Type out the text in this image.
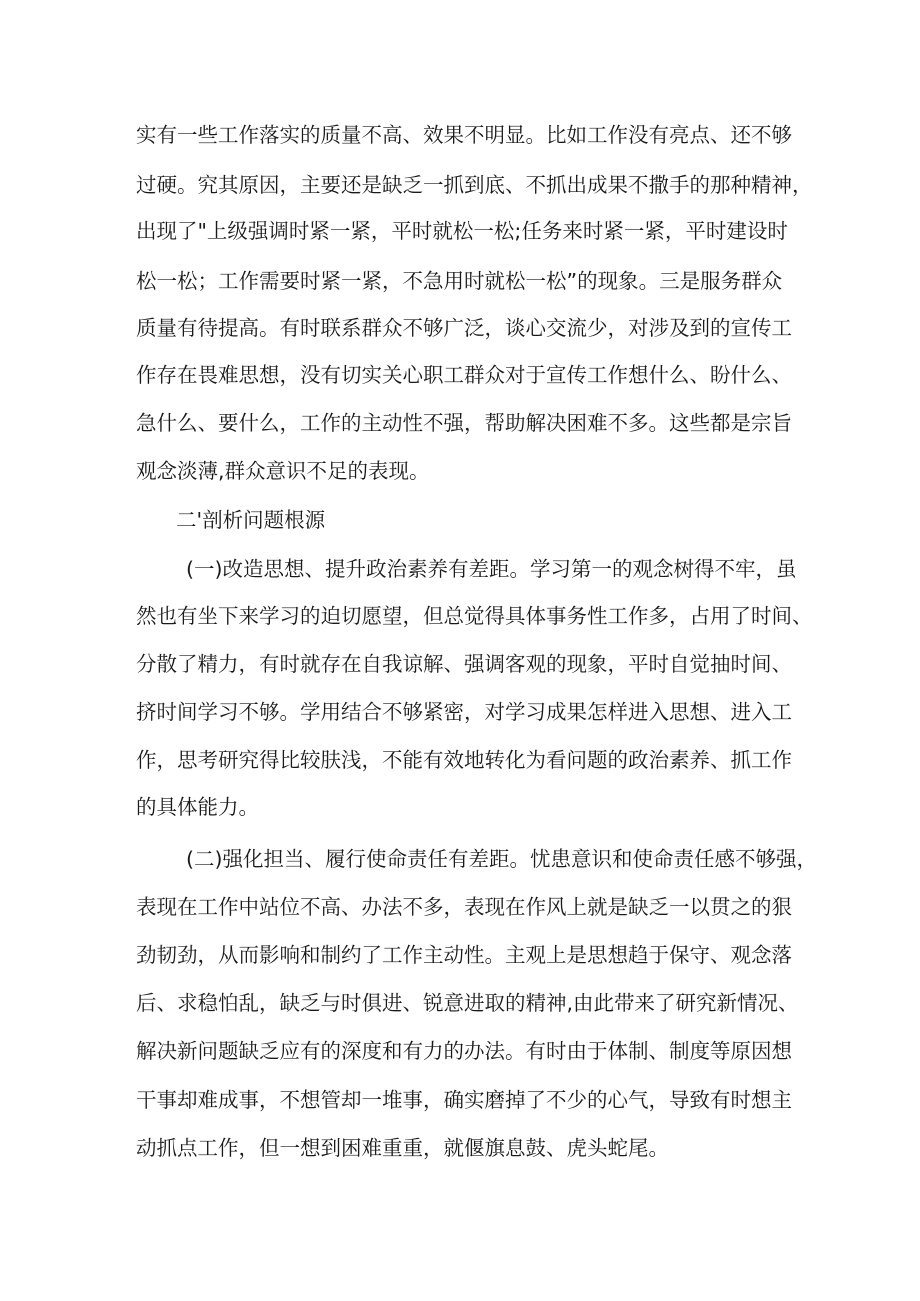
实有一些工作落实的质量不高、效果不明显。比如工作没有亮点、还不够
过硬。究其原因，主要还是缺乏一抓到底、不抓出成果不撒手的那种精神，
出现了"上级强调时紧一紧，平时就松一松;任务来时紧一紧，平时建设时
松一松；工作需要时紧一紧，不急用时就松一松”的现象。三是服务群众
质量有待提高。有时联系群众不够广泛，谈心交流少，对涉及到的宣传工
作存在畏难思想，没有切实关心职工群众对于宣传工作想什么、盼什么、
急什么、要什么，工作的主动性不强，帮助解决困难不多。这些都是宗旨
观念淡薄,群众意识不足的表现。
二'剖析问题根源
(一)改造思想、提升政治素养有差距。学习第一的观念树得不牢，虽
然也有坐下来学习的迫切愿望，但总觉得具体事务性工作多，占用了时间、
分散了精力，有时就存在自我谅解、强调客观的现象，平时自觉抽时间、
挤时间学习不够。学用结合不够紧密，对学习成果怎样进入思想、进入工
作，思考研究得比较肤浅，不能有效地转化为看问题的政治素养、抓工作
的具体能力。
(二)强化担当、履行使命责任有差距。忧患意识和使命责任感不够强，
表现在工作中站位不高、办法不多，表现在作风上就是缺乏一以贯之的狠
劲韧劲，从而影响和制约了工作主动性。主观上是思想趋于保守、观念落
后、求稳怕乱，缺乏与时俱进、锐意进取的精神,由此带来了研究新情况、
解决新问题缺乏应有的深度和有力的办法。有时由于体制、制度等原因想
干事却难成事，不想管却一堆事，确实磨掉了不少的心气，导致有时想主
动抓点工作，但一想到困难重重，就偃旗息鼓、虎头蛇尾。
